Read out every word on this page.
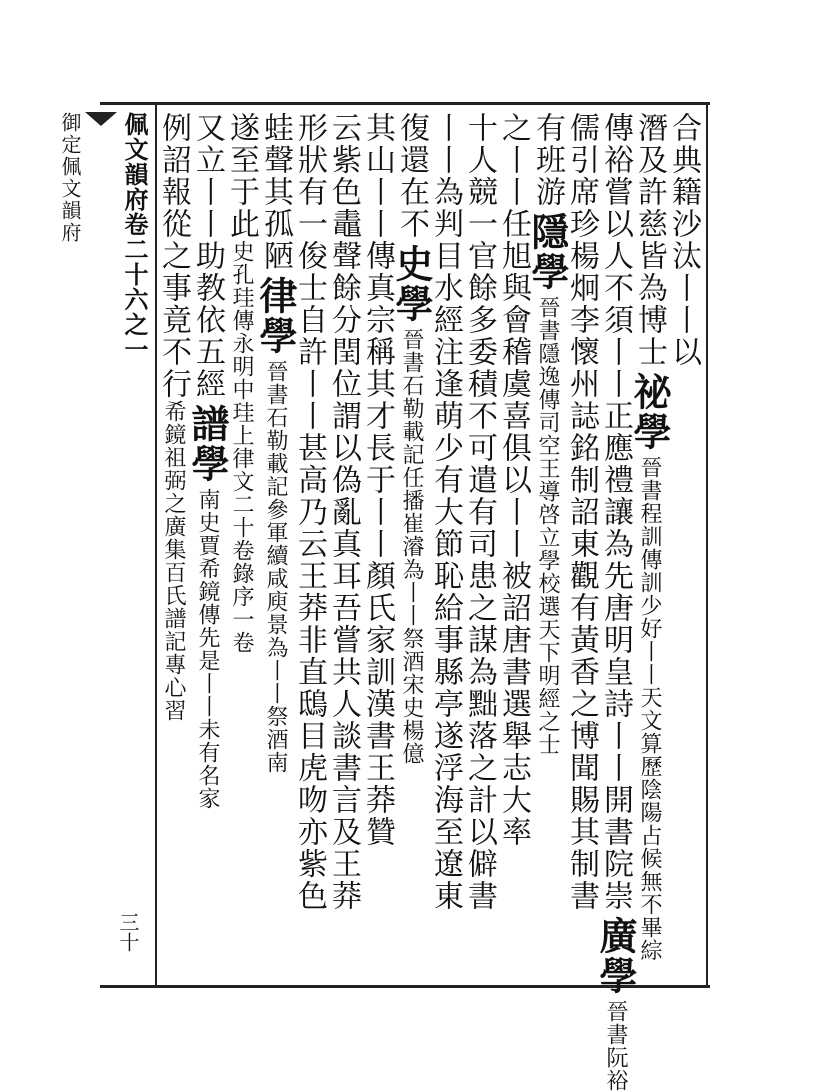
佩文韻府卷二十六之一
御定佩文韻府
三十
合典籍沙汰丨丨以
潛及許慈皆為博士祕學晉書程訓傳訓少好丨丨天文算歷陰陽占候無不畢綜
傳裕嘗以人不須丨丨正應禮讓為先唐明皇詩丨丨開書院崇廣學晉書阮裕
儒引席珍楊炯李懷州誌銘制詔東觀有黃香之博聞賜其制書
有班游隱學晉書隱逸傳司空王導啓立學校選天下明經之士
之丨丨任旭與會稽虞喜俱以丨丨被詔唐書選舉志大率
十人競一官餘多委積不可遣有司患之謀為黜落之計以僻書
丨丨為判目水經注逢萌少有大節恥給事縣亭遂浮海至遼東
復還在不史學晉書石勒載記任播崔濬為丨丨祭酒宋史楊億
其山丨丨傳真宗稱其才長于丨丨顏氏家訓漢書王莽贊
云紫色鼃聲餘分閏位謂以偽亂真耳吾嘗共人談書言及王莽
形狀有一俊士自許丨丨甚高乃云王莽非直鴟目虎吻亦紫色
蛙聲其孤陋律學晉書石勒載記參軍續咸庾景為丨丨祭酒南
遂至于此史孔珪傳永明中珪上律文二十卷錄序一卷
又立丨丨助教依五經譜學南史賈希鏡傳先是丨丨未有名家
例詔報從之事竟不行希鏡祖弼之廣集百氏譜記專心習
